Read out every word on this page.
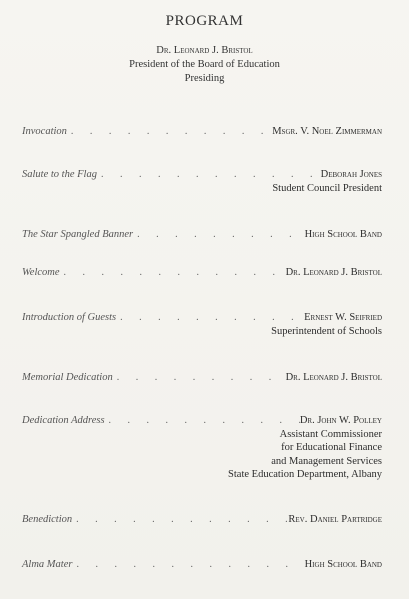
PROGRAM
Dr. Leonard J. Bristol
President of the Board of Education
Presiding
Invocation . . .	Msgr. V. Noel Zimmerman
Salute to the Flag . . .	Deborah Jones
Student Council President
The Star Spangled Banner . . .	High School Band
Welcome . . .	Dr. Leonard J. Bristol
Introduction of Guests . . .	Ernest W. Seifried
Superintendent of Schools
Memorial Dedication . . .	Dr. Leonard J. Bristol
Dedication Address . . .	Dr. John W. Polley
Assistant Commissioner
for Educational Finance
and Management Services
State Education Department, Albany
Benediction . . .	Rev. Daniel Partridge
Alma Mater . . .	High School Band
